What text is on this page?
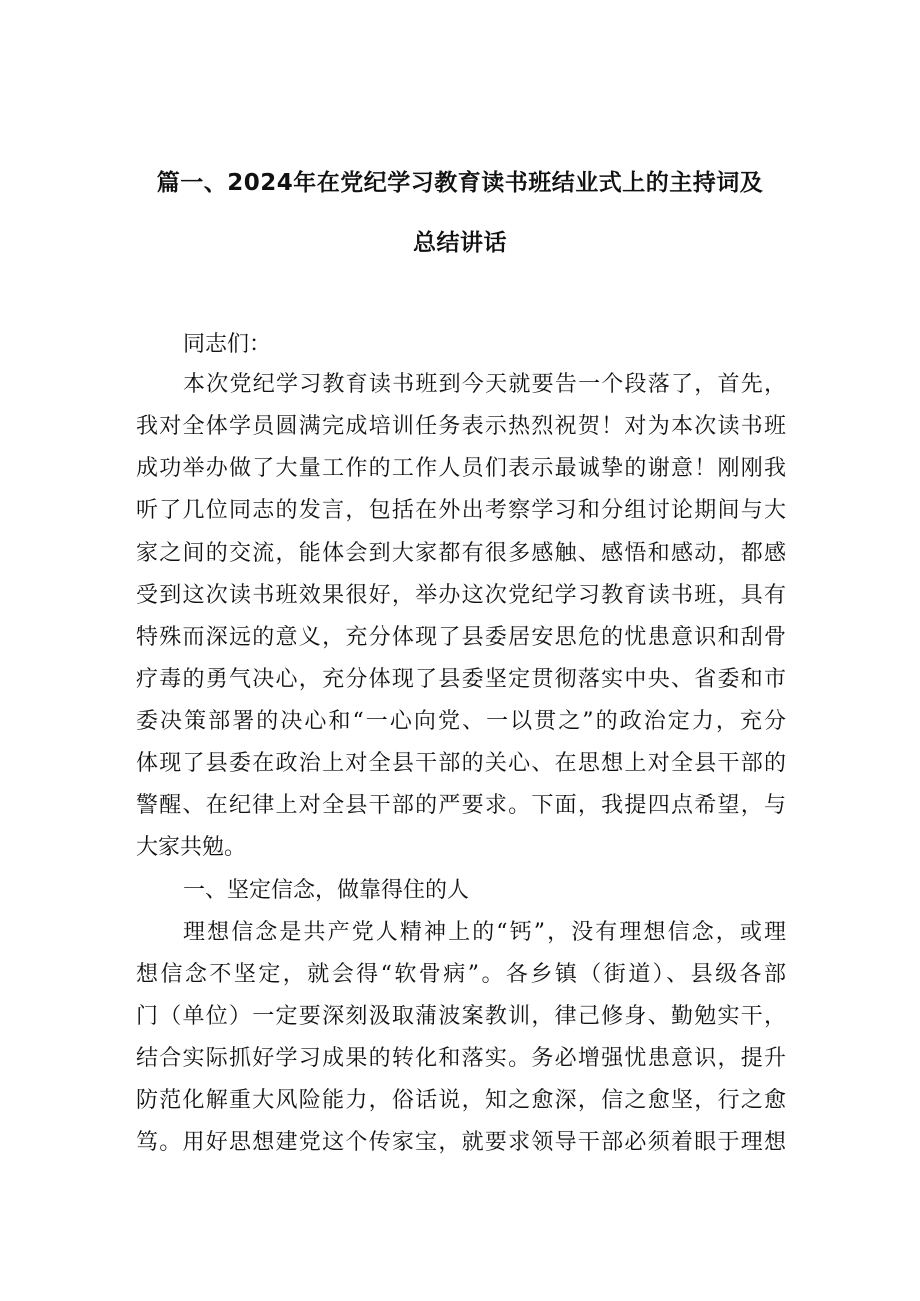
篇一、2024年在党纪学习教育读书班结业式上的主持词及
总结讲话
同志们：
本次党纪学习教育读书班到今天就要告一个段落了，首先，
我对全体学员圆满完成培训任务表示热烈祝贺！对为本次读书班
成功举办做了大量工作的工作人员们表示最诚挚的谢意！刚刚我
听了几位同志的发言，包括在外出考察学习和分组讨论期间与大
家之间的交流，能体会到大家都有很多感触、感悟和感动，都感
受到这次读书班效果很好，举办这次党纪学习教育读书班，具有
特殊而深远的意义，充分体现了县委居安思危的忧患意识和刮骨
疗毒的勇气决心，充分体现了县委坚定贯彻落实中央、省委和市
委决策部署的决心和“一心向党、一以贯之”的政治定力，充分
体现了县委在政治上对全县干部的关心、在思想上对全县干部的
警醒、在纪律上对全县干部的严要求。下面，我提四点希望，与
大家共勉。
一、坚定信念，做靠得住的人
理想信念是共产党人精神上的“钙”，没有理想信念，或理
想信念不坚定，就会得“软骨病”。各乡镇（街道）、县级各部
门（单位）一定要深刻汲取蒲波案教训，律己修身、勤勉实干，
结合实际抓好学习成果的转化和落实。务必增强忧患意识，提升
防范化解重大风险能力，俗话说，知之愈深，信之愈坚，行之愈
笃。用好思想建党这个传家宝，就要求领导干部必须着眼于理想
